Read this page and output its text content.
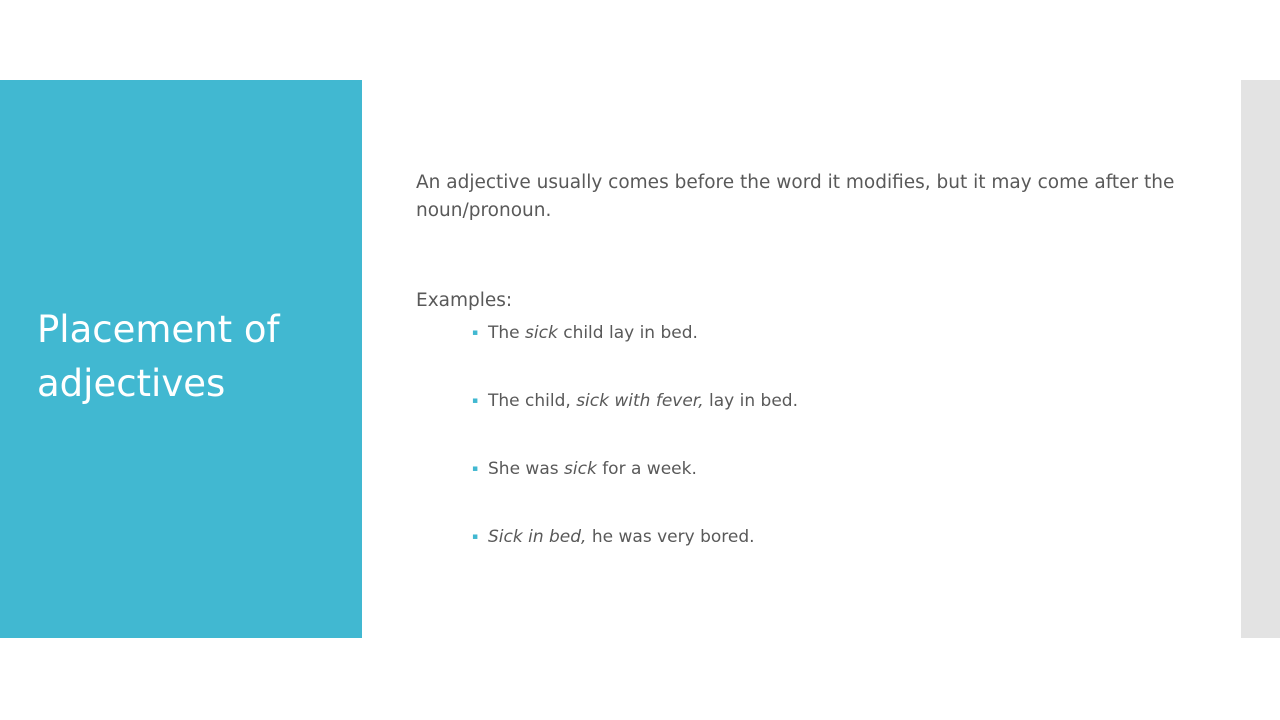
Placement of adjectives

An adjective usually comes before the word it modifies, but it may come after the noun/pronoun.

Examples:

▪ The sick child lay in bed.
▪ The child, sick with fever, lay in bed.
▪ She was sick for a week.
▪ Sick in bed, he was very bored.
